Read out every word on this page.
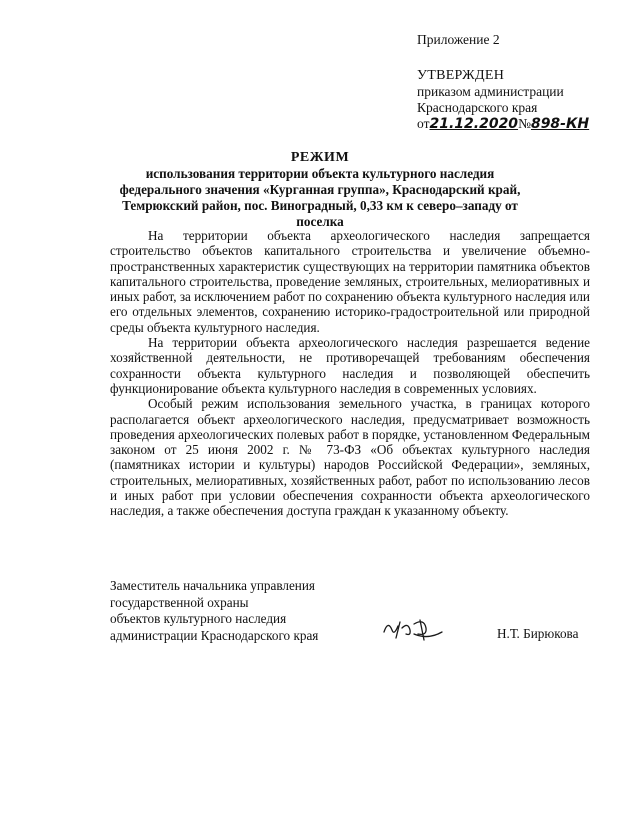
Приложение 2
УТВЕРЖДЕН
приказом администрации
Краснодарского края
от 21.12.2020 № 898-КН
РЕЖИМ
использования территории объекта культурного наследия федерального значения «Курганная группа», Краснодарский край, Темрюкский район, пос. Виноградный, 0,33 км к северо–западу от поселка

На территории объекта археологического наследия запрещается строительство объектов капитального строительства и увеличение объемно-пространственных характеристик существующих на территории памятника объектов капитального строительства, проведение земляных, строительных, мелиоративных и иных работ, за исключением работ по сохранению объекта культурного наследия или его отдельных элементов, сохранению историко-градостроительной или природной среды объекта культурного наследия.

На территории объекта археологического наследия разрешается ведение хозяйственной деятельности, не противоречащей требованиям обеспечения сохранности объекта культурного наследия и позволяющей обеспечить функционирование объекта культурного наследия в современных условиях.

Особый режим использования земельного участка, в границах которого располагается объект археологического наследия, предусматривает возможность проведения археологических полевых работ в порядке, установленном Федеральным законом от 25 июня 2002 г. № 73-ФЗ «Об объектах культурного наследия (памятниках истории и культуры) народов Российской Федерации», земляных, строительных, мелиоративных, хозяйственных работ, работ по использованию лесов и иных работ при условии обеспечения сохранности объекта археологического наследия, а также обеспечения доступа граждан к указанному объекту.

Заместитель начальника управления
государственной охраны
объектов культурного наследия
администрации Краснодарского края	Н.Т. Бирюкова
